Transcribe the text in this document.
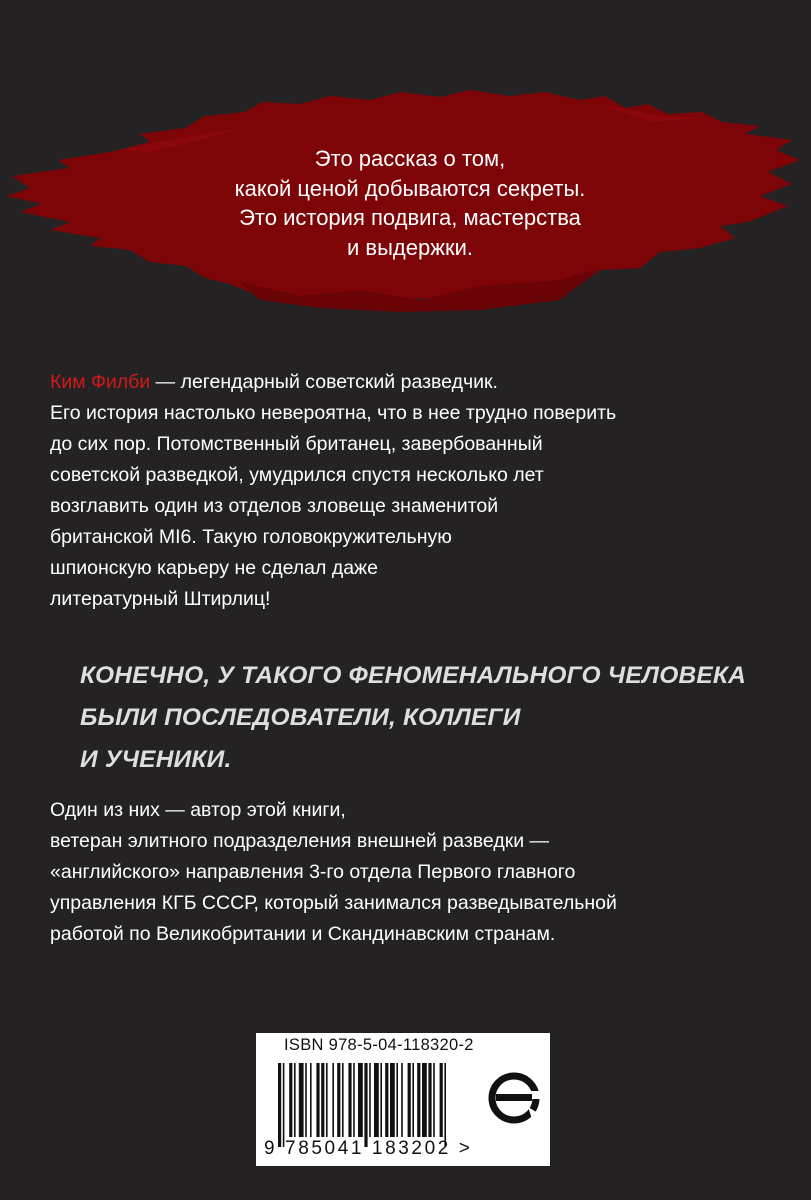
Это рассказ о том,
какой ценой добываются секреты.
Это история подвига, мастерства
и выдержки.
Ким Филби — легендарный советский разведчик.
Его история настолько невероятна, что в нее трудно поверить
до сих пор. Потомственный британец, завербованный
советской разведкой, умудрился спустя несколько лет
возглавить один из отделов зловеще знаменитой
британской MI6. Такую головокружительную
шпионскую карьеру не сделал даже
литературный Штирлиц!
КОНЕЧНО, У ТАКОГО ФЕНОМЕНАЛЬНОГО ЧЕЛОВЕКА
БЫЛИ ПОСЛЕДОВАТЕЛИ, КОЛЛЕГИ
И УЧЕНИКИ.
Один из них — автор этой книги,
ветеран элитного подразделения внешней разведки —
«английского» направления 3-го отдела Первого главного
управления КГБ СССР, который занимался разведывательной
работой по Великобритании и Скандинавским странам.
ISBN 978-5-04-118320-2
9 785041 183202 >
